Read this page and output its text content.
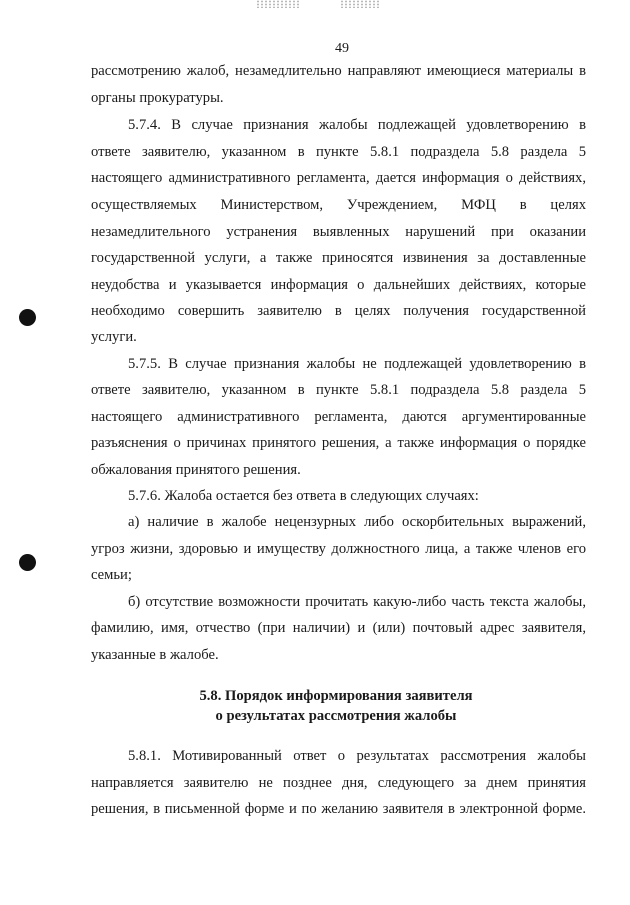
49
рассмотрению жалоб, незамедлительно направляют имеющиеся материалы в
органы прокуратуры.
5.7.4. В случае признания жалобы подлежащей удовлетворению в
ответе заявителю, указанном в пункте 5.8.1 подраздела 5.8 раздела 5
настоящего административного регламента, дается информация о действиях,
осуществляемых Министерством, Учреждением, МФЦ в целях
незамедлительного устранения выявленных нарушений при оказании
государственной услуги, а также приносятся извинения за доставленные
неудобства и указывается информация о дальнейших действиях, которые
необходимо совершить заявителю в целях получения государственной
услуги.
5.7.5. В случае признания жалобы не подлежащей удовлетворению в
ответе заявителю, указанном в пункте 5.8.1 подраздела 5.8 раздела 5
настоящего административного регламента, даются аргументированные
разъяснения о причинах принятого решения, а также информация о порядке
обжалования принятого решения.
5.7.6. Жалоба остается без ответа в следующих случаях:
а) наличие в жалобе нецензурных либо оскорбительных выражений,
угроз жизни, здоровью и имуществу должностного лица, а также членов его
семьи;
б) отсутствие возможности прочитать какую-либо часть текста жалобы,
фамилию, имя, отчество (при наличии) и (или) почтовый адрес заявителя,
указанные в жалобе.
5.8. Порядок информирования заявителя
о результатах рассмотрения жалобы
5.8.1. Мотивированный ответ о результатах рассмотрения жалобы
направляется заявителю не позднее дня, следующего за днем принятия
решения, в письменной форме и по желанию заявителя в электронной форме.
